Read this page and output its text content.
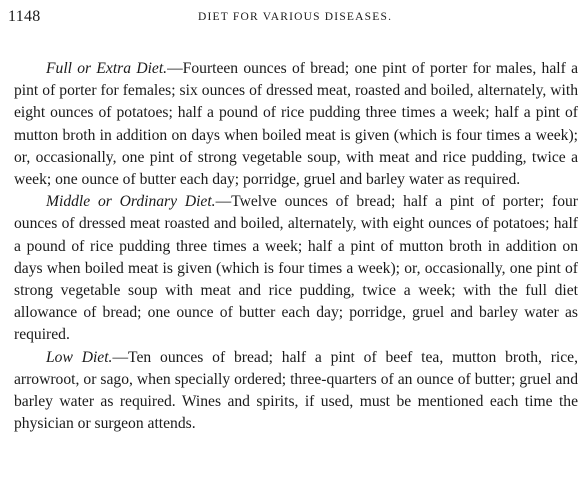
1148	DIET FOR VARIOUS DISEASES.

Full or Extra Diet.—Fourteen ounces of bread; one pint of porter for males, half a pint of porter for females; six ounces of dressed meat, roasted and boiled, alternately, with eight ounces of potatoes; half a pound of rice pudding three times a week; half a pint of mutton broth in addition on days when boiled meat is given (which is four times a week); or, occasionally, one pint of strong vegetable soup, with meat and rice pudding, twice a week; one ounce of butter each day; porridge, gruel and barley water as required.

Middle or Ordinary Diet.—Twelve ounces of bread; half a pint of porter; four ounces of dressed meat roasted and boiled, alternately, with eight ounces of potatoes; half a pound of rice pudding three times a week; half a pint of mutton broth in addition on days when boiled meat is given (which is four times a week); or, occasionally, one pint of strong vegetable soup with meat and rice pudding, twice a week; with the full diet allowance of bread; one ounce of butter each day; porridge, gruel and barley water as required.

Low Diet.—Ten ounces of bread; half a pint of beef tea, mutton broth, rice, arrowroot, or sago, when specially ordered; three-quarters of an ounce of butter; gruel and barley water as required. Wines and spirits, if used, must be mentioned each time the physician or surgeon attends.
